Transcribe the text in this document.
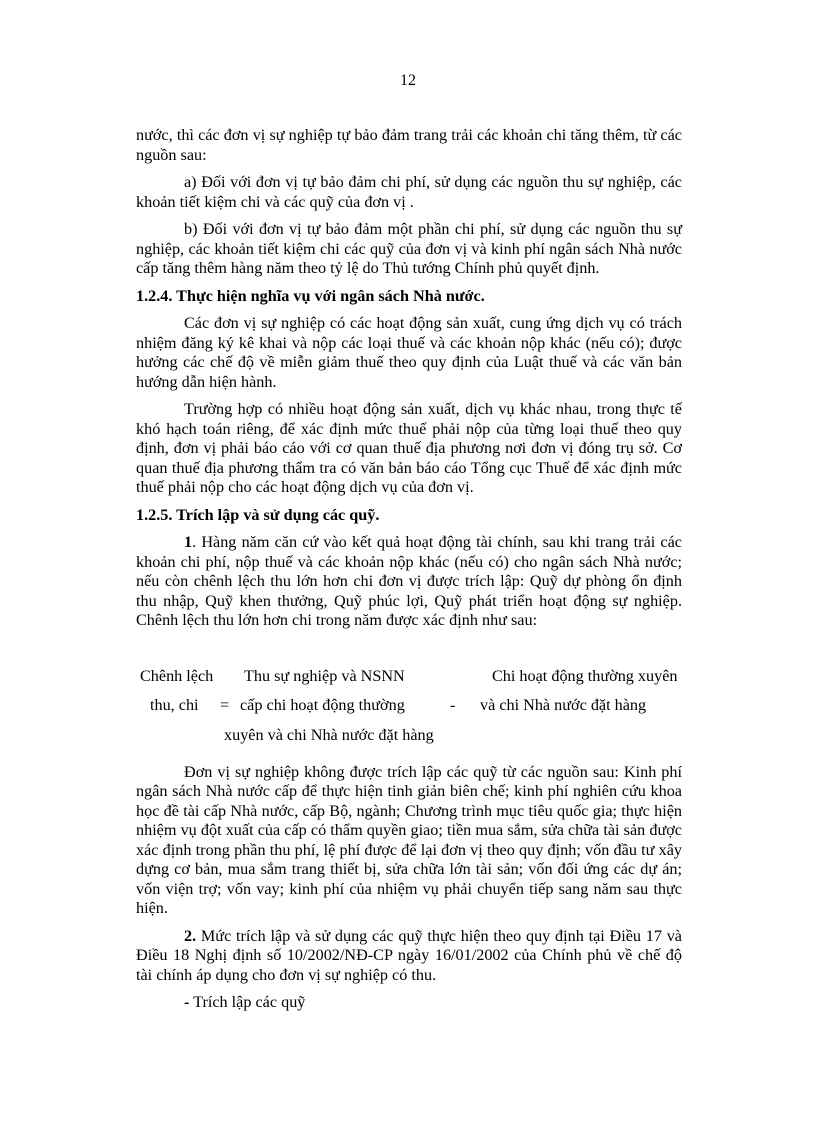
12

nước, thì các đơn vị sự nghiệp tự bảo đảm trang trải các khoản chi tăng thêm, từ các nguồn sau:

a) Đối với đơn vị tự bảo đảm chi phí, sử dụng các nguồn thu sự nghiệp, các khoản tiết kiệm chi và các quỹ của đơn vị .

b) Đối với đơn vị tự bảo đảm một phần chi phí, sử dụng các nguồn thu sự nghiệp, các khoản tiết kiệm chi các quỹ của đơn vị và kinh phí ngân sách Nhà nước cấp tăng thêm hàng năm theo tỷ lệ do Thủ tướng Chính phủ quyết định.

1.2.4. Thực hiện nghĩa vụ với ngân sách Nhà nước.

Các đơn vị sự nghiệp có các hoạt động sản xuất, cung ứng dịch vụ có trách nhiệm đăng ký kê khai và nộp các loại thuế và các khoản nộp khác (nếu có); được hưởng các chế độ về miễn giảm thuế theo quy định của Luật thuế và các văn bản hướng dẫn hiện hành.

Trường hợp có nhiều hoạt động sản xuất, dịch vụ khác nhau, trong thực tế khó hạch toán riêng, để xác định mức thuế phải nộp của từng loại thuế theo quy định, đơn vị phải báo cáo với cơ quan thuế địa phương nơi đơn vị đóng trụ sở. Cơ quan thuế địa phương thẩm tra có văn bản báo cáo Tổng cục Thuế để xác định mức thuế phải nộp cho các hoạt động dịch vụ của đơn vị.

1.2.5. Trích lập và sử dụng các quỹ.

1. Hàng năm căn cứ vào kết quả hoạt động tài chính, sau khi trang trải các khoản chi phí, nộp thuế và các khoản nộp khác (nếu có) cho ngân sách Nhà nước; nếu còn chênh lệch thu lớn hơn chi đơn vị được trích lập: Quỹ dự phòng ổn định thu nhập, Quỹ khen thưởng, Quỹ phúc lợi, Quỹ phát triển hoạt động sự nghiệp. Chênh lệch thu lớn hơn chi trong năm được xác định như sau:

Chênh lệch
thu, chi =
Thu sự nghiệp và NSNN
cấp chi hoạt động thường
xuyên và chi Nhà nước đặt hàng
-
Chi hoạt động thường xuyên
và chi Nhà nước đặt hàng

Đơn vị sự nghiệp không được trích lập các quỹ từ các nguồn sau: Kinh phí ngân sách Nhà nước cấp để thực hiện tinh giản biên chế; kinh phí nghiên cứu khoa học đề tài cấp Nhà nước, cấp Bộ, ngành; Chương trình mục tiêu quốc gia; thực hiện nhiệm vụ đột xuất của cấp có thẩm quyền giao; tiền mua sắm, sửa chữa tài sản được xác định trong phần thu phí, lệ phí được để lại đơn vị theo quy định; vốn đầu tư xây dựng cơ bản, mua sắm trang thiết bị, sửa chữa lớn tài sản; vốn đối ứng các dự án; vốn viện trợ; vốn vay; kinh phí của nhiệm vụ phải chuyển tiếp sang năm sau thực hiện.

2. Mức trích lập và sử dụng các quỹ thực hiện theo quy định tại Điều 17 và Điều 18 Nghị định số 10/2002/NĐ-CP ngày 16/01/2002 của Chính phủ về chế độ tài chính áp dụng cho đơn vị sự nghiệp có thu.

- Trích lập các quỹ
